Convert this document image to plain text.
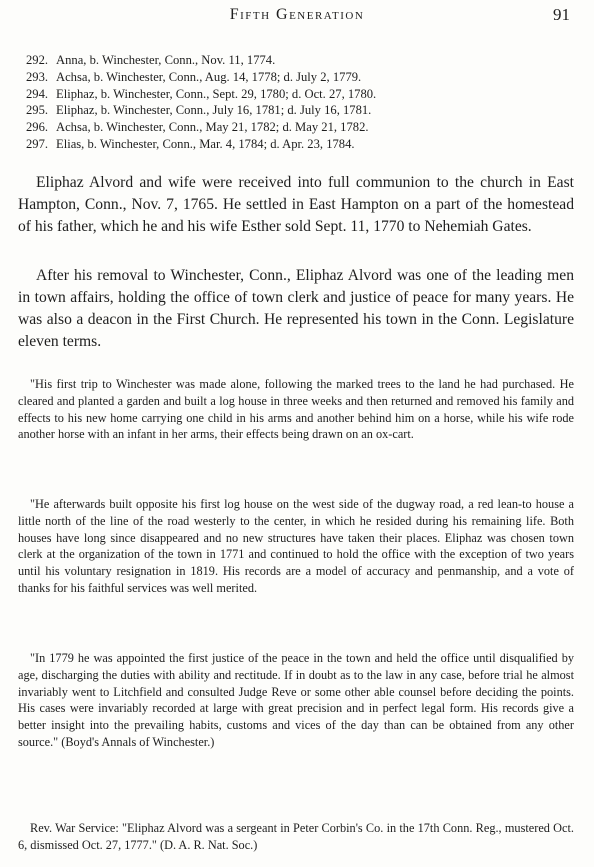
Fifth Generation	91
292. Anna, b. Winchester, Conn., Nov. 11, 1774.
293. Achsa, b. Winchester, Conn., Aug. 14, 1778; d. July 2, 1779.
294. Eliphaz, b. Winchester, Conn., Sept. 29, 1780; d. Oct. 27, 1780.
295. Eliphaz, b. Winchester, Conn., July 16, 1781; d. July 16, 1781.
296. Achsa, b. Winchester, Conn., May 21, 1782; d. May 21, 1782.
297. Elias, b. Winchester, Conn., Mar. 4, 1784; d. Apr. 23, 1784.

Eliphaz Alvord and wife were received into full communion to the church in East Hampton, Conn., Nov. 7, 1765. He settled in East Hampton on a part of the homestead of his father, which he and his wife Esther sold Sept. 11, 1770 to Nehemiah Gates.

After his removal to Winchester, Conn., Eliphaz Alvord was one of the leading men in town affairs, holding the office of town clerk and justice of peace for many years. He was also a deacon in the First Church. He represented his town in the Conn. Legislature eleven terms.

"His first trip to Winchester was made alone, following the marked trees to the land he had purchased. He cleared and planted a garden and built a log house in three weeks and then returned and removed his family and effects to his new home carrying one child in his arms and another behind him on a horse, while his wife rode another horse with an infant in her arms, their effects being drawn on an ox-cart.

"He afterwards built opposite his first log house on the west side of the dugway road, a red lean-to house a little north of the line of the road westerly to the center, in which he resided during his remaining life. Both houses have long since disappeared and no new structures have taken their places. Eliphaz was chosen town clerk at the organization of the town in 1771 and continued to hold the office with the exception of two years until his voluntary resignation in 1819. His records are a model of accuracy and penmanship, and a vote of thanks for his faithful services was well merited.

"In 1779 he was appointed the first justice of the peace in the town and held the office until disqualified by age, discharging the duties with ability and rectitude. If in doubt as to the law in any case, before trial he almost invariably went to Litchfield and consulted Judge Reve or some other able counsel before deciding the points. His cases were invariably recorded at large with great precision and in perfect legal form. His records give a better insight into the prevailing habits, customs and vices of the day than can be obtained from any other source." (Boyd's Annals of Winchester.)

Rev. War Service: "Eliphaz Alvord was a sergeant in Peter Corbin's Co. in the 17th Conn. Reg., mustered Oct. 6, dismissed Oct. 27, 1777." (D. A. R. Nat. Soc.)
